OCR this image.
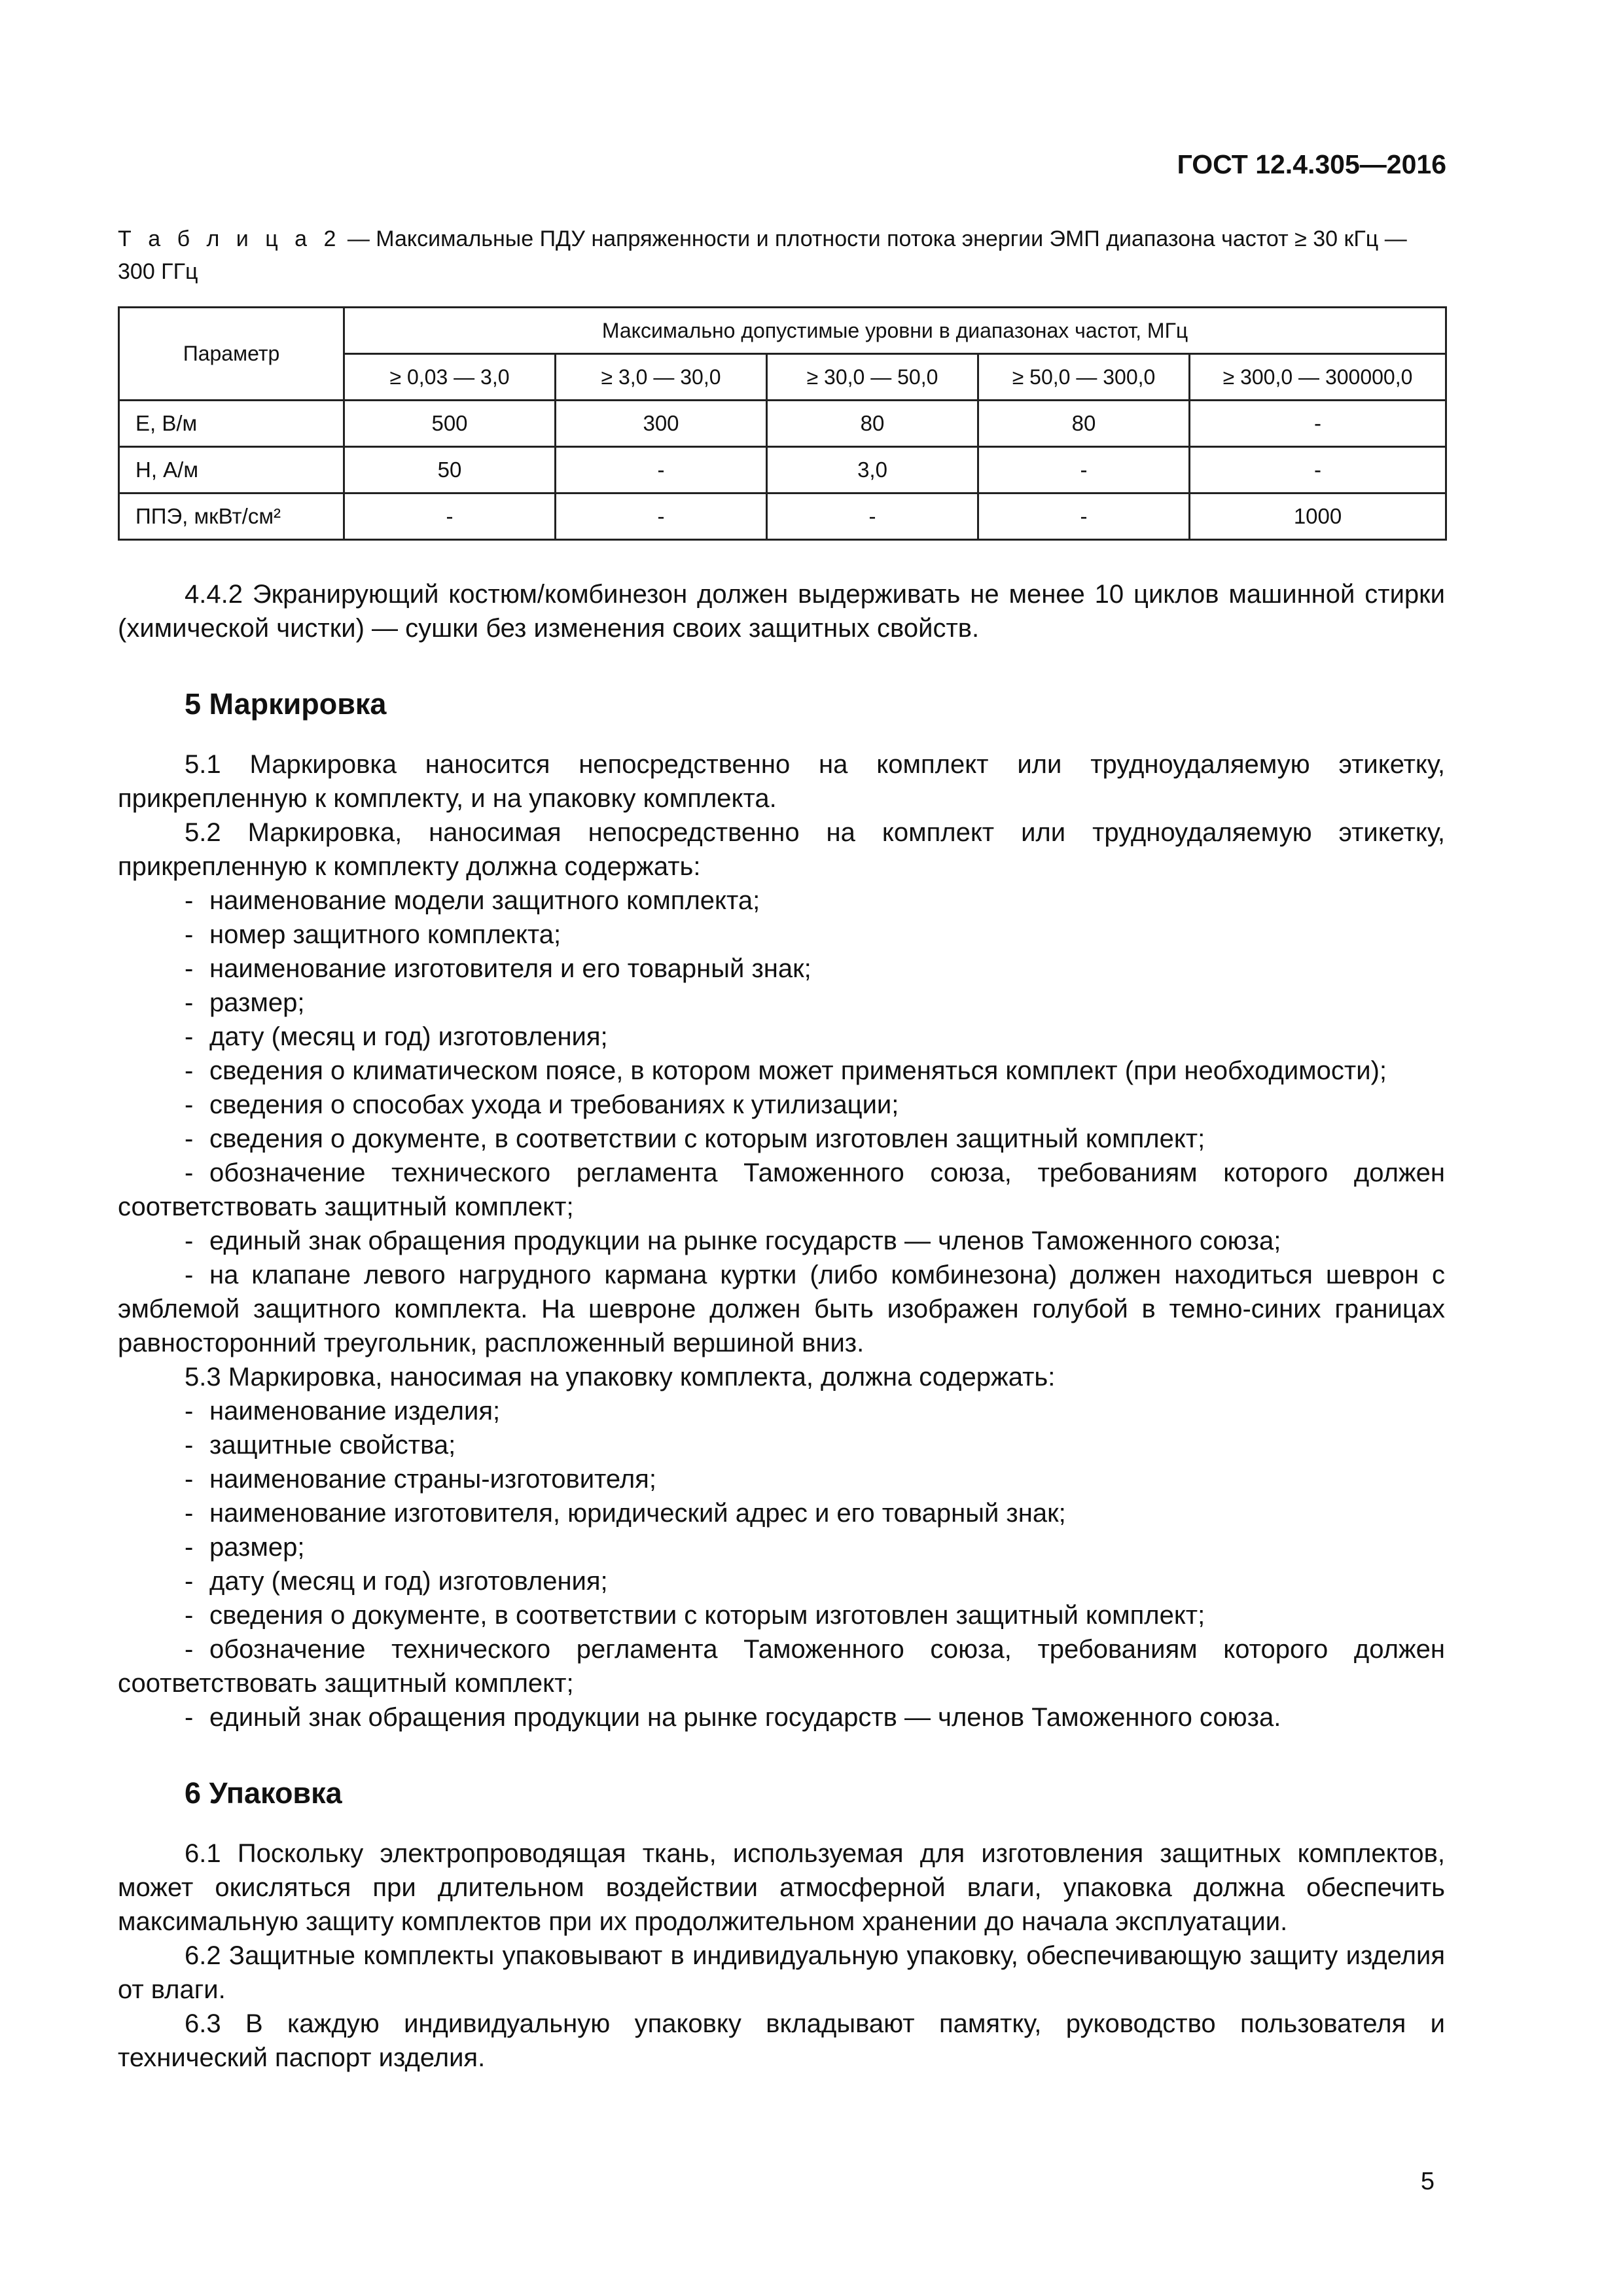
ГОСТ 12.4.305—2016

Т а б л и ц а 2 — Максимальные ПДУ напряженности и плотности потока энергии ЭМП диапазона частот ≥ 30 кГц — 300 ГГц

Параметр	Максимально допустимые уровни в диапазонах частот, МГц				
	≥ 0,03 — 3,0	≥ 3,0 — 30,0	≥ 30,0 — 50,0	≥ 50,0 — 300,0	≥ 300,0 — 300000,0
Е, В/м	500	300	80	80	-
Н, А/м	50	-	3,0	-	-
ППЭ, мкВт/см²	-	-	-	-	1000

4.4.2 Экранирующий костюм/комбинезон должен выдерживать не менее 10 циклов машинной стирки (химической чистки) — сушки без изменения своих защитных свойств.

5 Маркировка

5.1 Маркировка наносится непосредственно на комплект или трудноудаляемую этикетку, прикрепленную к комплекту, и на упаковку комплекта.

5.2 Маркировка, наносимая непосредственно на комплект или трудноудаляемую этикетку, прикрепленную к комплекту должна содержать:

- наименование модели защитного комплекта;
- номер защитного комплекта;
- наименование изготовителя и его товарный знак;
- размер;
- дату (месяц и год) изготовления;
- сведения о климатическом поясе, в котором может применяться комплект (при необходимости);
- сведения о способах ухода и требованиях к утилизации;
- сведения о документе, в соответствии с которым изготовлен защитный комплект;
- обозначение технического регламента Таможенного союза, требованиям которого должен соответствовать защитный комплект;
- единый знак обращения продукции на рынке государств — членов Таможенного союза;
- на клапане левого нагрудного кармана куртки (либо комбинезона) должен находиться шеврон с эмблемой защитного комплекта. На шевроне должен быть изображен голубой в темно-синих границах равносторонний треугольник, распложенный вершиной вниз.

5.3 Маркировка, наносимая на упаковку комплекта, должна содержать:

- наименование изделия;
- защитные свойства;
- наименование страны-изготовителя;
- наименование изготовителя, юридический адрес и его товарный знак;
- размер;
- дату (месяц и год) изготовления;
- сведения о документе, в соответствии с которым изготовлен защитный комплект;
- обозначение технического регламента Таможенного союза, требованиям которого должен соответствовать защитный комплект;
- единый знак обращения продукции на рынке государств — членов Таможенного союза.
6 Упаковка

6.1 Поскольку электропроводящая ткань, используемая для изготовления защитных комплектов, может окисляться при длительном воздействии атмосферной влаги, упаковка должна обеспечить максимальную защиту комплектов при их продолжительном хранении до начала эксплуатации.

6.2 Защитные комплекты упаковывают в индивидуальную упаковку, обеспечивающую защиту изделия от влаги.

6.3 В каждую индивидуальную упаковку вкладывают памятку, руководство пользователя и технический паспорт изделия.

5
